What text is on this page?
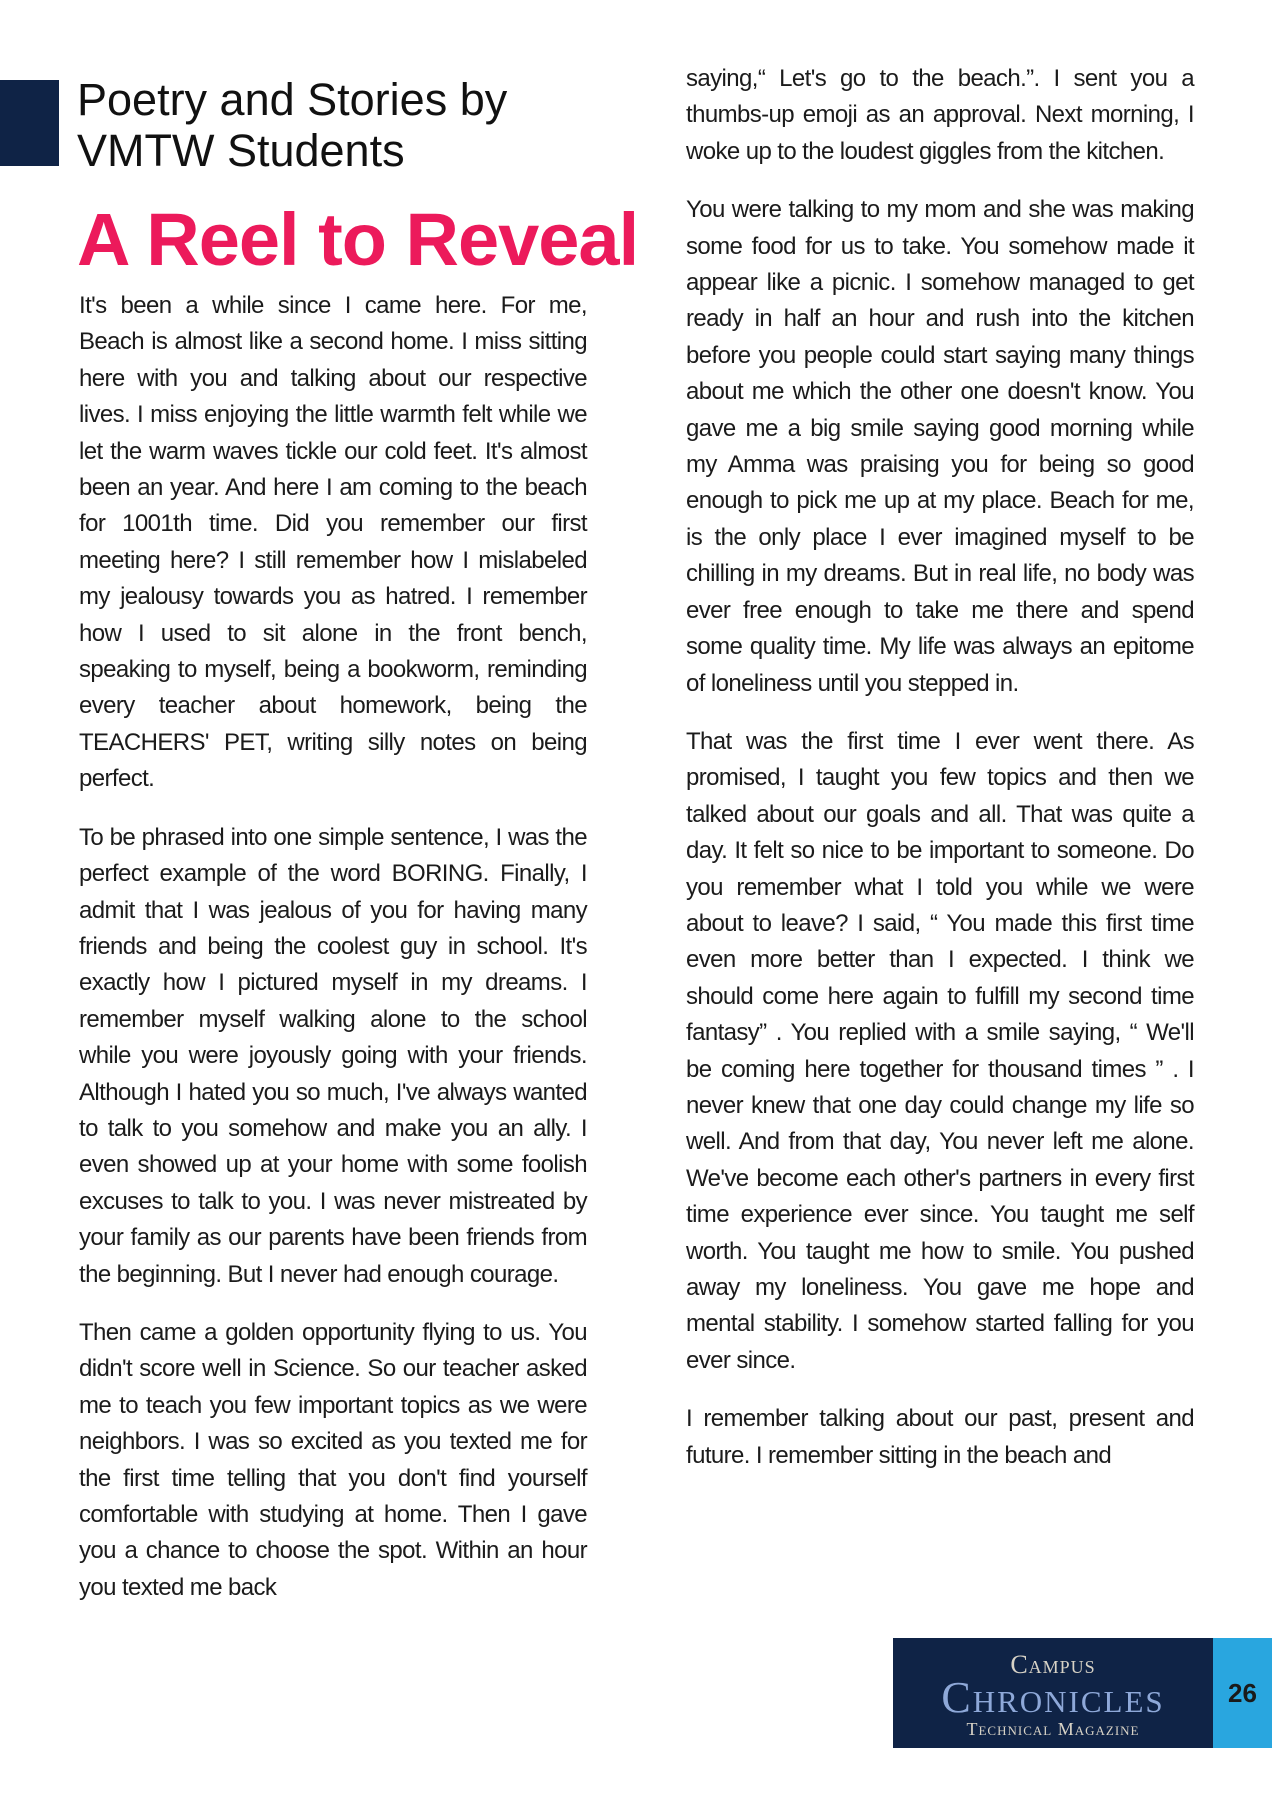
Poetry and Stories by
VMTW Students
A Reel to Reveal

It's been a while since I came here. For me, Beach is almost like a second home. I miss sitting here with you and talking about our respective lives. I miss enjoying the little warmth felt while we let the warm waves tickle our cold feet. It's almost been an year. And here I am coming to the beach for 1001th time. Did you remember our first meeting here? I still remember how I mislabeled my jealousy towards you as hatred. I remember how I used to sit alone in the front bench, speaking to myself, being a bookworm, reminding every teacher about homework, being the TEACHERS' PET, writing silly notes on being perfect.

To be phrased into one simple sentence, I was the perfect example of the word BORING. Finally, I admit that I was jealous of you for having many friends and being the coolest guy in school. It's exactly how I pictured myself in my dreams. I remember myself walking alone to the school while you were joyously going with your friends. Although I hated you so much, I've always wanted to talk to you somehow and make you an ally. I even showed up at your home with some foolish excuses to talk to you. I was never mistreated by your family as our parents have been friends from the beginning. But I never had enough courage.

Then came a golden opportunity flying to us. You didn't score well in Science. So our teacher asked me to teach you few important topics as we were neighbors. I was so excited as you texted me for the first time telling that you don't find yourself comfortable with studying at home. Then I gave you a chance to choose the spot. Within an hour you texted me back

saying,“ Let's go to the beach.”. I sent you a thumbs-up emoji as an approval. Next morning, I woke up to the loudest giggles from the kitchen.

You were talking to my mom and she was making some food for us to take. You somehow made it appear like a picnic. I somehow managed to get ready in half an hour and rush into the kitchen before you people could start saying many things about me which the other one doesn't know. You gave me a big smile saying good morning while my Amma was praising you for being so good enough to pick me up at my place. Beach for me, is the only place I ever imagined myself to be chilling in my dreams. But in real life, no body was ever free enough to take me there and spend some quality time. My life was always an epitome of loneliness until you stepped in.

That was the first time I ever went there. As promised, I taught you few topics and then we talked about our goals and all. That was quite a day. It felt so nice to be important to someone. Do you remember what I told you while we were about to leave? I said, “ You made this first time even more better than I expected. I think we should come here again to fulfill my second time fantasy” . You replied with a smile saying, “ We'll be coming here together for thousand times ” . I never knew that one day could change my life so well. And from that day, You never left me alone. We've become each other's partners in every first time experience ever since. You taught me self worth. You taught me how to smile. You pushed away my loneliness. You gave me hope and mental stability. I somehow started falling for you ever since.

I remember talking about our past, present and future. I remember sitting in the beach and

Campus
Chronicles
Technical Magazine
26
